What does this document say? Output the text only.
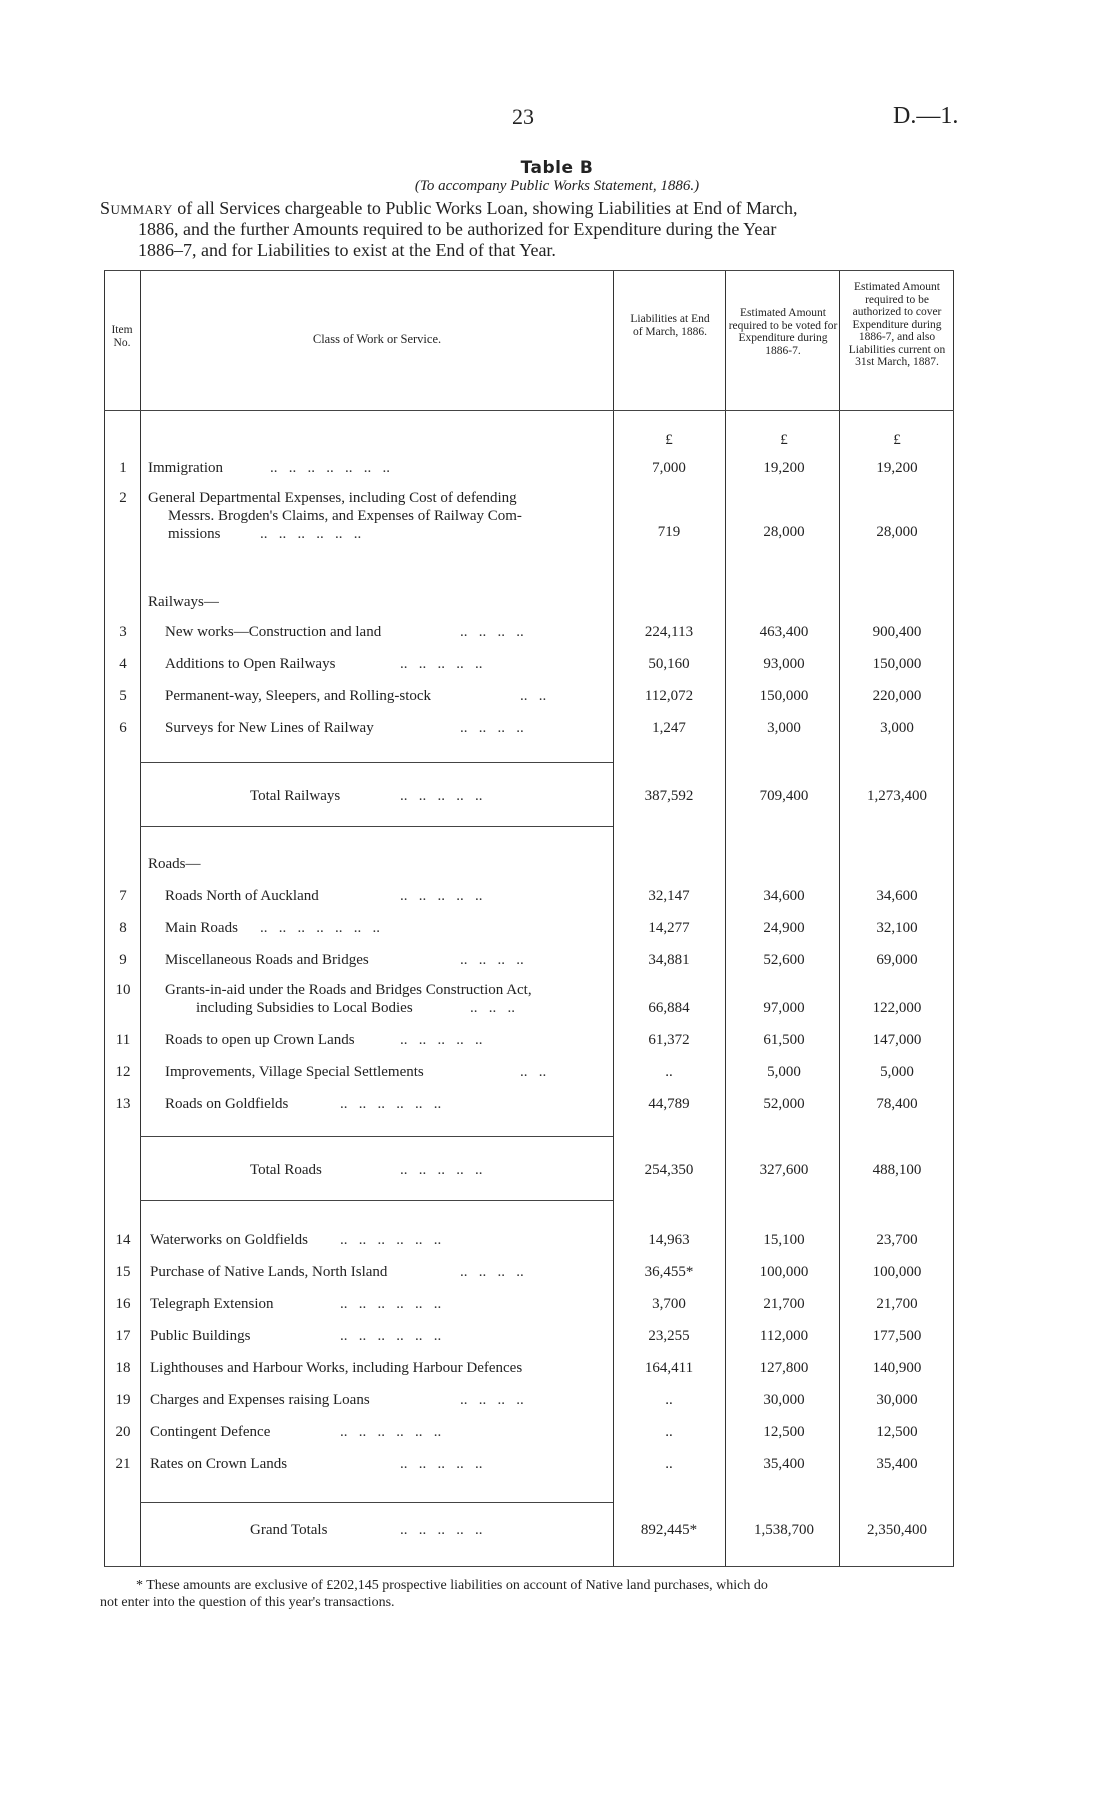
23	D.—1.
Table B
(To accompany Public Works Statement, 1886.)
Summary of all Services chargeable to Public Works Loan, showing Liabilities at End of March,
1886, and the further Amounts required to be authorized for Expenditure during the Year
1886–7, and for Liabilities to exist at the End of that Year.
Item No.	Class of Work or Service.
Liabilities at End of March, 1886.
Estimated Amount required to be voted for Expenditure during 1886-7.
Estimated Amount required to be authorized to cover Expenditure during 1886-7, and also Liabilities current on 31st March, 1887.
£	£	£
1	Immigration	..   ..   ..   ..   ..   ..   ..	7,000	19,200	19,200
2	General Departmental Expenses, including Cost of defending
Messrs. Brogden's Claims, and Expenses of Railway Com-
missions	..   ..   ..   ..   ..   ..	719	28,000	28,000
Railways—
3	New works—Construction and land	..   ..   ..   ..	224,113	463,400	900,400
4	Additions to Open Railways	..   ..   ..   ..   ..	50,160	93,000	150,000
5	Permanent-way, Sleepers, and Rolling-stock	..   ..	112,072	150,000	220,000
6	Surveys for New Lines of Railway	..   ..   ..   ..	1,247	3,000	3,000
Total Railways	..   ..   ..   ..   ..	387,592	709,400	1,273,400
Roads—
7	Roads North of Auckland	..   ..   ..   ..   ..	32,147	34,600	34,600
8	Main Roads ..   ..   ..   ..   ..   ..   ..	14,277	24,900	32,100
9	Miscellaneous Roads and Bridges	..   ..   ..   ..	34,881	52,600	69,000
10	Grants-in-aid under the Roads and Bridges Construction Act,
including Subsidies to Local Bodies	..   ..   ..	66,884	97,000	122,000
11	Roads to open up Crown Lands	..   ..   ..   ..   ..	61,372	61,500	147,000
12	Improvements, Village Special Settlements	..   ..	..	5,000	5,000
13	Roads on Goldfields	..   ..   ..   ..   ..   ..	44,789	52,000	78,400
Total Roads	..   ..   ..   ..   ..	254,350	327,600	488,100
14	Waterworks on Goldfields ..   ..   ..   ..   ..   ..	14,963	15,100	23,700
15	Purchase of Native Lands, North Island	..   ..   ..   ..	36,455*	100,000	100,000
16	Telegraph Extension	..   ..   ..   ..   ..   ..	3,700	21,700	21,700
17	Public Buildings	..   ..   ..   ..   ..   ..	23,255	112,000	177,500
18	Lighthouses and Harbour Works, including Harbour Defences	164,411	127,800	140,900
19	Charges and Expenses raising Loans	..   ..   ..   ..	..	30,000	30,000
20	Contingent Defence	..   ..   ..   ..   ..   ..	..	12,500	12,500
21	Rates on Crown Lands	..   ..   ..   ..   ..	..	35,400	35,400
Grand Totals	..   ..   ..   ..   ..	892,445*	1,538,700	2,350,400
* These amounts are exclusive of £202,145 prospective liabilities on account of Native land purchases, which do
not enter into the question of this year's transactions.
